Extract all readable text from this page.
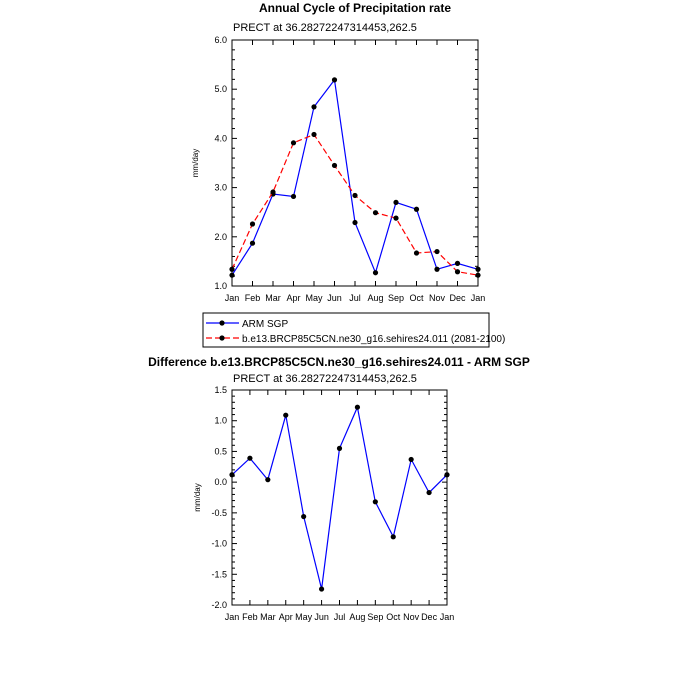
Annual Cycle of Precipitation rate
PRECT at 36.28272247314453,262.5
1.0
2.0
3.0
4.0
5.0
6.0
Jan Feb Mar Apr May Jun Jul Aug Sep Oct Nov Dec Jan
mm/day
ARM SGP
b.e13.BRCP85C5CN.ne30_g16.sehires24.011 (2081-2100)
Difference b.e13.BRCP85C5CN.ne30_g16.sehires24.011 - ARM SGP
PRECT at 36.28272247314453,262.5
-2.0
-1.5
-1.0
-0.5
0.0
0.5
1.0
1.5
Jan Feb Mar Apr May Jun Jul Aug Sep Oct Nov Dec Jan
mm/day
